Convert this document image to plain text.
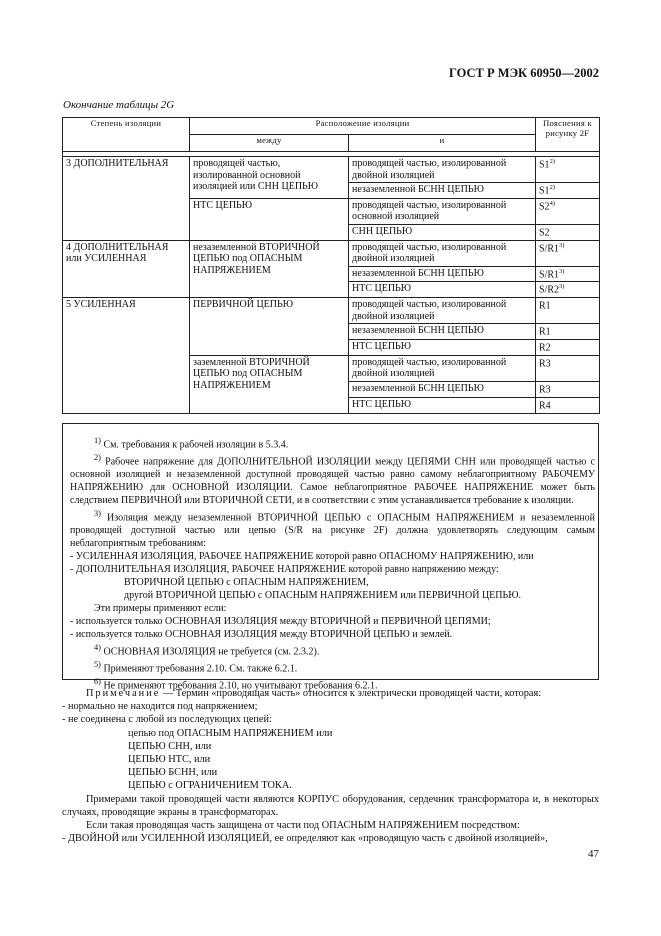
ГОСТ Р МЭК 60950—2002
Окончание таблицы 2G
Степень изоляции	Расположение изоляции		Пояснения к рисунку 2F
	между	и	

3 ДОПОЛНИТЕЛЬНАЯ	проводящей частью, изолированной основной изоляцией или СНН ЦЕПЬЮ	проводящей частью, изолированной двойной изоляцией	S1$^{2)}$
		незаземленной БСНН ЦЕПЬЮ	S1$^{2)}$
	НТС ЦЕПЬЮ	проводящей частью, изолированной основной изоляцией	S2$^{4)}$
		СНН ЦЕПЬЮ	S2
4 ДОПОЛНИТЕЛЬНАЯ или УСИЛЕННАЯ	незаземленной ВТОРИЧНОЙ ЦЕПЬЮ под ОПАСНЫМ НАПРЯЖЕНИЕМ	проводящей частью, изолированной двойной изоляцией	S/R1$^{3)}$
		незаземленной БСНН ЦЕПЬЮ	S/R1$^{3)}$
		НТС ЦЕПЬЮ	S/R2$^{3)}$
5 УСИЛЕННАЯ	ПЕРВИЧНОЙ ЦЕПЬЮ	проводящей частью, изолированной двойной изоляцией	R1
		незаземленной БСНН ЦЕПЬЮ	R1
		НТС ЦЕПЬЮ	R2
	заземленной ВТОРИЧНОЙ ЦЕПЬЮ под ОПАСНЫМ НАПРЯЖЕНИЕМ	проводящей частью, изолированной двойной изоляцией	R3
		незаземленной БСНН ЦЕПЬЮ	R3
		НТС ЦЕПЬЮ	R4

$^{1)}$ См. требования к рабочей изоляции в 5.3.4.

$^{2)}$ Рабочее напряжение для ДОПОЛНИТЕЛЬНОЙ ИЗОЛЯЦИИ между ЦЕПЯМИ СНН или проводящей частью с основной изоляцией и незаземленной доступной проводящей частью равно самому неблагоприятному РАБОЧЕМУ НАПРЯЖЕНИЮ для ОСНОВНОЙ ИЗОЛЯЦИИ. Самое неблагоприятное РАБОЧЕЕ НАПРЯЖЕНИЕ может быть следствием ПЕРВИЧНОЙ или ВТОРИЧНОЙ СЕТИ, и в соответствии с этим устанавливается требование к изоляции.

$^{3)}$ Изоляция между незаземленной ВТОРИЧНОЙ ЦЕПЬЮ с ОПАСНЫМ НАПРЯЖЕНИЕМ и незаземленной проводящей доступной частью или цепью (S/R на рисунке 2F) должна удовлетворять следующим самым неблагоприятным требованиям:

- УСИЛЕННАЯ ИЗОЛЯЦИЯ, РАБОЧЕЕ НАПРЯЖЕНИЕ которой равно ОПАСНОМУ НАПРЯЖЕНИЮ, или

- ДОПОЛНИТЕЛЬНАЯ ИЗОЛЯЦИЯ, РАБОЧЕЕ НАПРЯЖЕНИЕ которой равно напряжению между:

ВТОРИЧНОЙ ЦЕПЬЮ с ОПАСНЫМ НАПРЯЖЕНИЕМ,

другой ВТОРИЧНОЙ ЦЕПЬЮ с ОПАСНЫМ НАПРЯЖЕНИЕМ или ПЕРВИЧНОЙ ЦЕПЬЮ.

Эти примеры применяют если:

- используется только ОСНОВНАЯ ИЗОЛЯЦИЯ между ВТОРИЧНОЙ и ПЕРВИЧНОЙ ЦЕПЯМИ;

- используется только ОСНОВНАЯ ИЗОЛЯЦИЯ между ВТОРИЧНОЙ ЦЕПЬЮ и землей.

$^{4)}$ ОСНОВНАЯ ИЗОЛЯЦИЯ не требуется (см. 2.3.2).

$^{5)}$ Применяют требования 2.10. См. также 6.2.1.

$^{6)}$ Не применяют требования 2.10, но учитывают требования 6.2.1.

Примечание — Термин «проводящая часть» относится к электрически проводящей части, которая:

- нормально не находится под напряжением;

- не соединена с любой из последующих цепей:

цепью под ОПАСНЫМ НАПРЯЖЕНИЕМ или

ЦЕПЬЮ СНН, или

ЦЕПЬЮ НТС, или

ЦЕПЬЮ БСНН, или

ЦЕПЬЮ с ОГРАНИЧЕНИЕМ ТОКА.

Примерами такой проводящей части являются КОРПУС оборудования, сердечник трансформатора и, в некоторых случаях, проводящие экраны в трансформаторах.

Если такая проводящая часть защищена от части под ОПАСНЫМ НАПРЯЖЕНИЕМ посредством:

- ДВОЙНОЙ или УСИЛЕННОЙ ИЗОЛЯЦИЕЙ, ее определяют как «проводящую часть с двойной изоляцией»,

47
